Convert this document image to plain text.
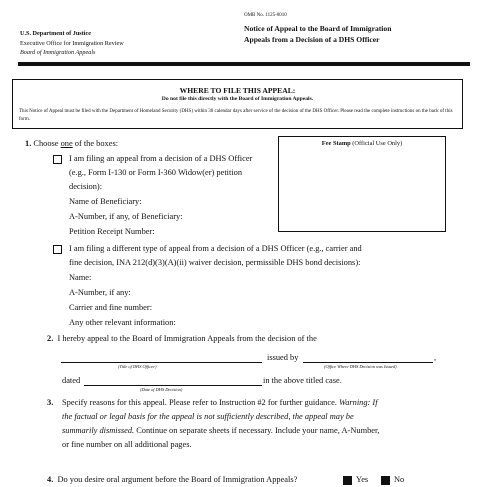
U.S. Department of Justice
Executive Office for Immigration Review
Board of Immigration Appeals
OMB No. 1125-0010
Notice of Appeal to the Board of Immigration
Appeals from a Decision of a DHS Officer
WHERE TO FILE THIS APPEAL:
Do not file this directly with the Board of Immigration Appeals.
This Notice of Appeal must be filed with the Department of Homeland Security (DHS) within 30 calendar days after service of the decision of the DHS Officer. Please read the complete instructions on the back of this form.
Fee Stamp (Official Use Only)
1. Choose one of the boxes:
I am filing an appeal from a decision of a DHS Officer
(e.g., Form I-130 or Form I-360 Widow(er) petition
decision):
Name of Beneficiary:
A-Number, if any, of Beneficiary:
Petition Receipt Number:
I am filing a different type of appeal from a decision of a DHS Officer (e.g., carrier and
fine decision, INA 212(d)(3)(A)(ii) waiver decision, permissible DHS bond decisions):
Name:
A-Number, if any:
Carrier and fine number:
Any other relevant information:
2. I hereby appeal to the Board of Immigration Appeals from the decision of the
issued by	,
(Title of DHS Officer)	(Office Where DHS Decision was Issued)
dated	in the above titled case.
(Date of DHS Decision)
3. Specify reasons for this appeal. Please refer to Instruction #2 for further guidance. Warning: If
the factual or legal basis for the appeal is not sufficiently described, the appeal may be
summarily dismissed. Continue on separate sheets if necessary. Include your name, A-Number,
or fine number on all additional pages.
4. Do you desire oral argument before the Board of Immigration Appeals?	Yes	No
